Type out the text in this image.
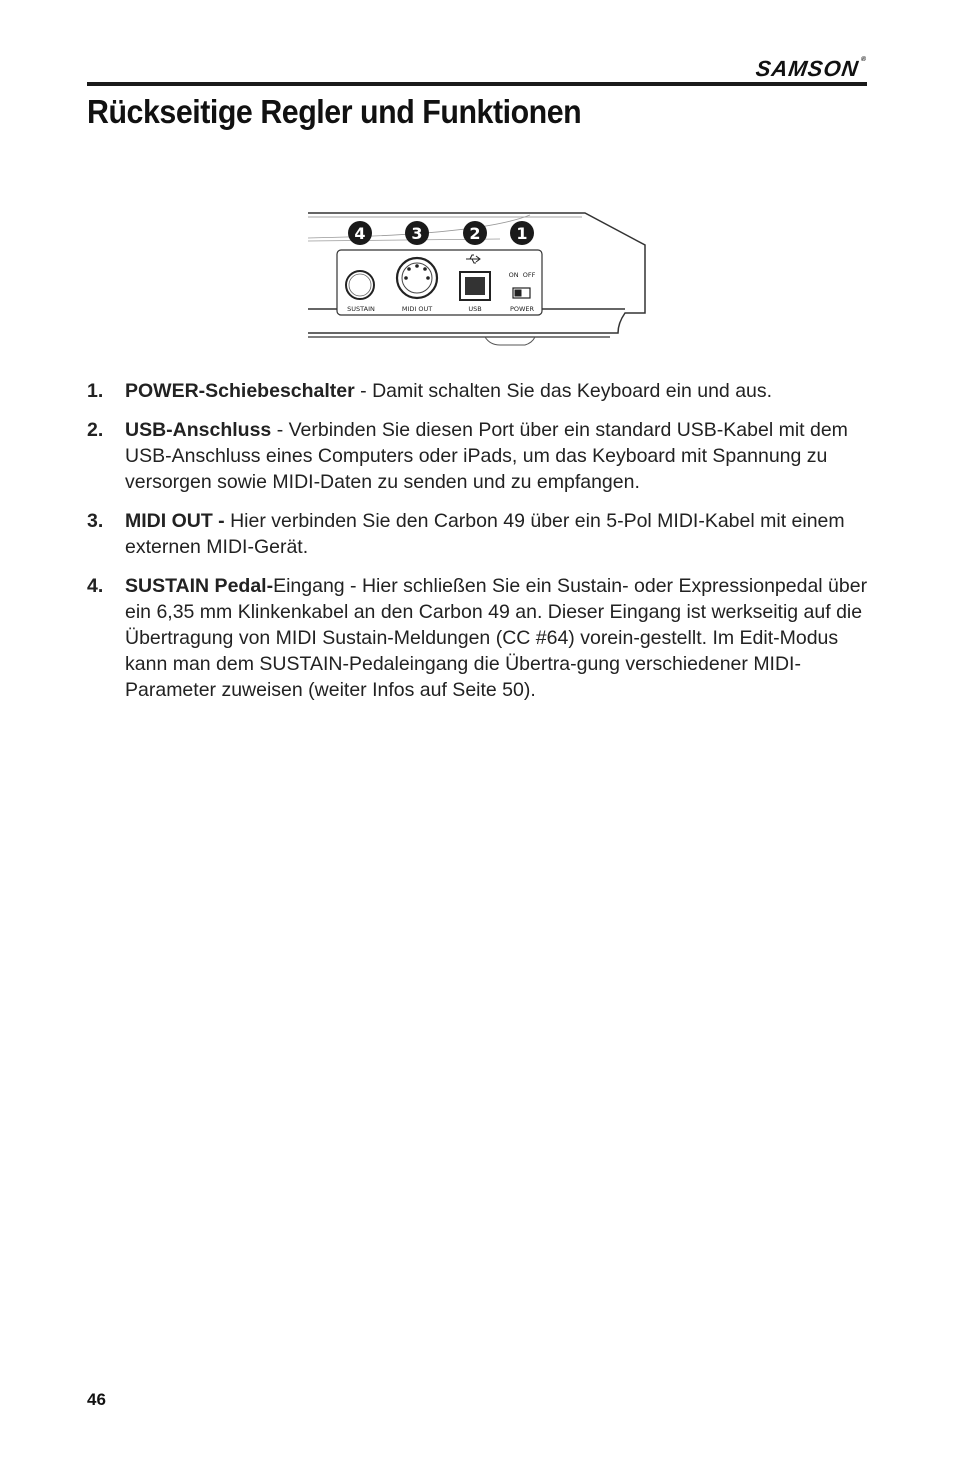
SAMSON®
Rückseitige Regler und Funktionen
SUSTAIN	MIDI OUT	USB	POWER
ON  OFF
4	3	2 1
1.	POWER-Schiebeschalter - Damit schalten Sie das Keyboard ein und aus.
2.	USB-Anschluss - Verbinden Sie diesen Port über ein standard USB-Kabel mit dem USB-Anschluss eines Computers oder iPads, um das Keyboard mit Spannung zu versorgen sowie MIDI-Daten zu senden und zu empfangen.
3.	MIDI OUT - Hier verbinden Sie den Carbon 49 über ein 5-Pol MIDI-Kabel mit einem externen MIDI-Gerät.
4.	SUSTAIN Pedal-Eingang - Hier schließen Sie ein Sustain- oder Expressionpedal über ein 6,35 mm Klinkenkabel an den Carbon 49 an. Dieser Eingang ist werkseitig auf die Übertragung von MIDI Sustain-Meldungen (CC #64) vorein-gestellt. Im Edit-Modus kann man dem SUSTAIN-Pedaleingang die Übertra-gung verschiedener MIDI-Parameter zuweisen (weiter Infos auf Seite 50).
46
